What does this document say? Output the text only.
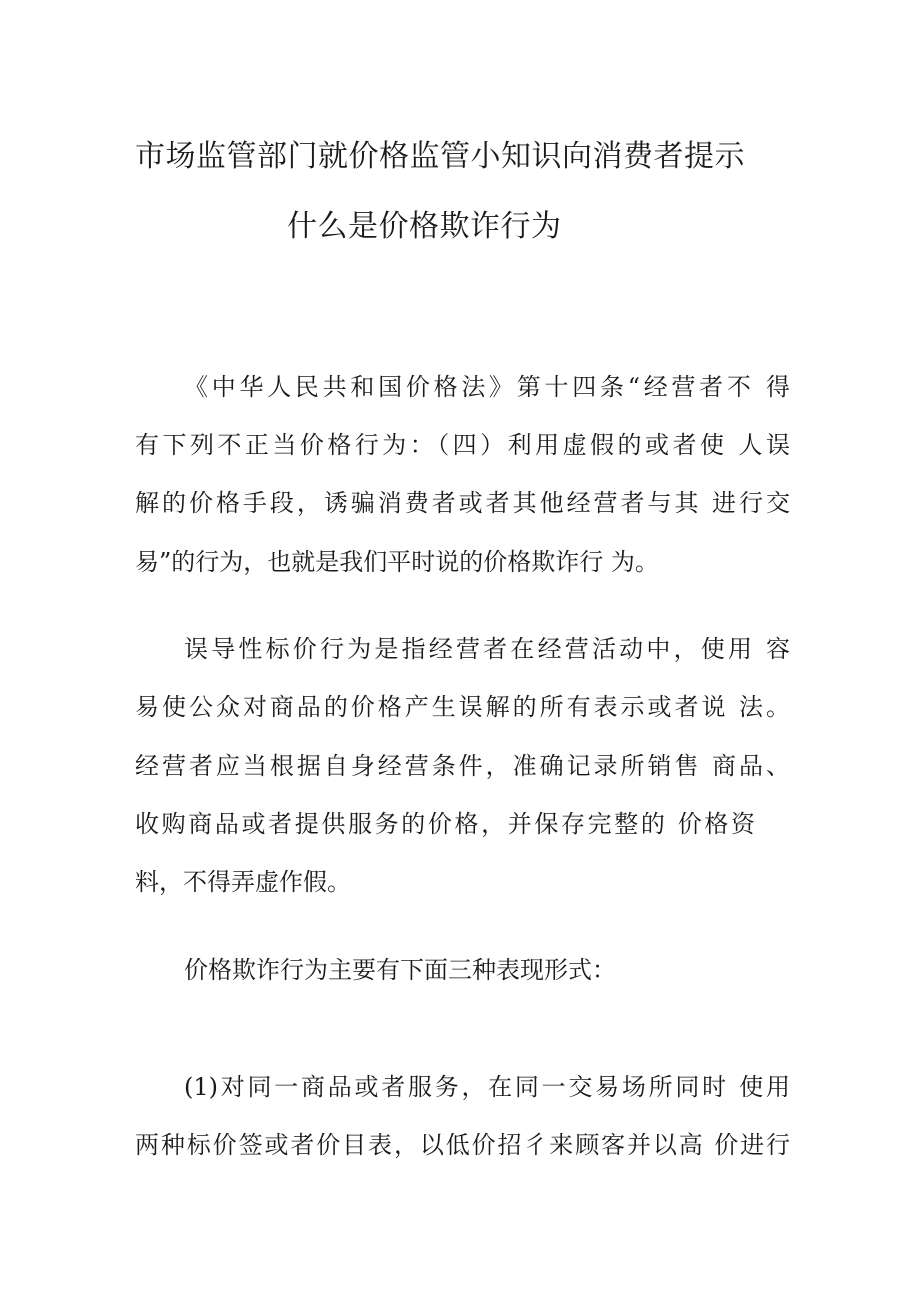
市场监管部门就价格监管小知识向消费者提示
什么是价格欺诈行为
《中华人民共和国价格法》第十四条“经营者不 得
有下列不正当价格行为：（四）利用虚假的或者使 人误
解的价格手段，诱骗消费者或者其他经营者与其 进行交
易”的行为，也就是我们平时说的价格欺诈行 为。
误导性标价行为是指经营者在经营活动中，使用 容
易使公众对商品的价格产生误解的所有表示或者说 法。
经营者应当根据自身经营条件，准确记录所销售 商品、
收购商品或者提供服务的价格，并保存完整的 价格资
料，不得弄虚作假。
价格欺诈行为主要有下面三种表现形式：
(1)对同一商品或者服务，在同一交易场所同时 使用
两种标价签或者价目表，以低价招彳来顾客并以高 价进行
